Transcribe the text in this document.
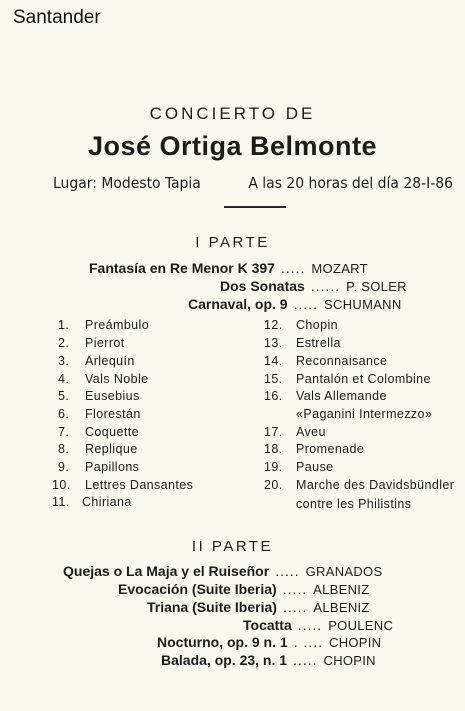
Santander
CONCIERTO DE
José Ortiga Belmonte
Lugar: Modesto Tapia	A las 20 horas del día 28-I-86
I PARTE
Fantasía en Re Menor K 397 ..... MOZART
Dos Sonatas ...... P. SOLER
Carnaval, op. 9 ..... SCHUMANN
1. Preámbulo
2. Pierrot
3. Arlequín
4. Vals Noble
5. Eusebius
6. Florestán
7. Coquette
8. Replique
9. Papillons
10. Lettres Dansantes
11. Chiriana
12. Chopin
13. Estrella
14. Reconnaisance
15. Pantalón et Colombine
16. Vals Allemande
«Paganini Intermezzo»
17. Aveu
18. Promenade
19. Pause
20. Marche des Davidsbündler
contre les Philistins
II PARTE
Quejas o La Maja y el Ruiseñor ..... GRANADOS
Evocación (Suite Iberia) ..... ALBENIZ
Triana (Suite Iberia) ..... ALBENIZ
Tocatta ..... POULENC
Nocturno, op. 9 n. 1 . .... CHOPIN
Balada, op. 23, n. 1 ..... CHOPIN
